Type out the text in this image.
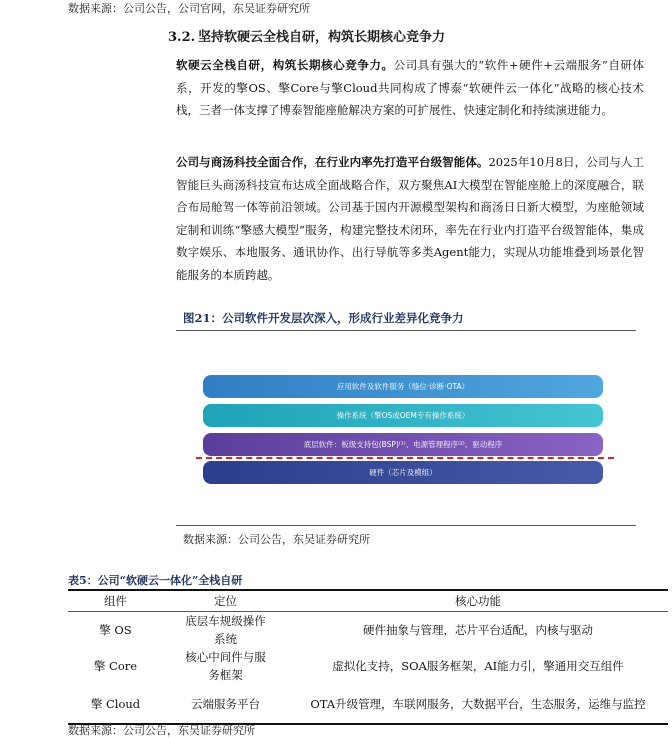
数据来源：公司公告，公司官网，东吴证券研究所
3.2. 坚持软硬云全栈自研，构筑长期核心竞争力
软硬云全栈自研，构筑长期核心竞争力。公司具有强大的“软件+硬件+云端服务”自研体系，开发的擎OS、擎Core与擎Cloud共同构成了博泰“软硬件云一体化”战略的核心技术栈，三者一体支撑了博泰智能座舱解决方案的可扩展性、快速定制化和持续演进能力。
公司与商汤科技全面合作，在行业内率先打造平台级智能体。2025年10月8日，公司与人工智能巨头商汤科技宣布达成全面战略合作，双方聚焦AI大模型在智能座舱上的深度融合，联合布局舱驾一体等前沿领域。公司基于国内开源模型架构和商汤日日新大模型，为座舱领域定制和训练“擎感大模型”服务，构建完整技术闭环，率先在行业内打造平台级智能体，集成数字娱乐、本地服务、通讯协作、出行导航等多类Agent能力，实现从功能堆叠到场景化智能服务的本质跨越。
图21：公司软件开发层次深入，形成行业差异化竞争力
应用软件及软件服务（缝位·诊断·OTA）
操作系统（擎OS或OEM专有操作系统）
底层软件：板级支持包(BSP)⁽¹⁾、电源管理程序⁽²⁾、驱动程序
硬件（芯片及模组）
数据来源：公司公告，东吴证券研究所
表5：公司“软硬云一体化”全栈自研
组件	定位	核心功能
擎 OS	底层车规级操作系统	硬件抽象与管理，芯片平台适配，内核与驱动
擎 Core	核心中间件与服务框架	虚拟化支持，SOA服务框架，AI能力引，擎通用交互组件
擎 Cloud	云端服务平台	OTA升级管理，车联网服务，大数据平台，生态服务，运维与监控
数据来源：公司公告，东吴证券研究所
